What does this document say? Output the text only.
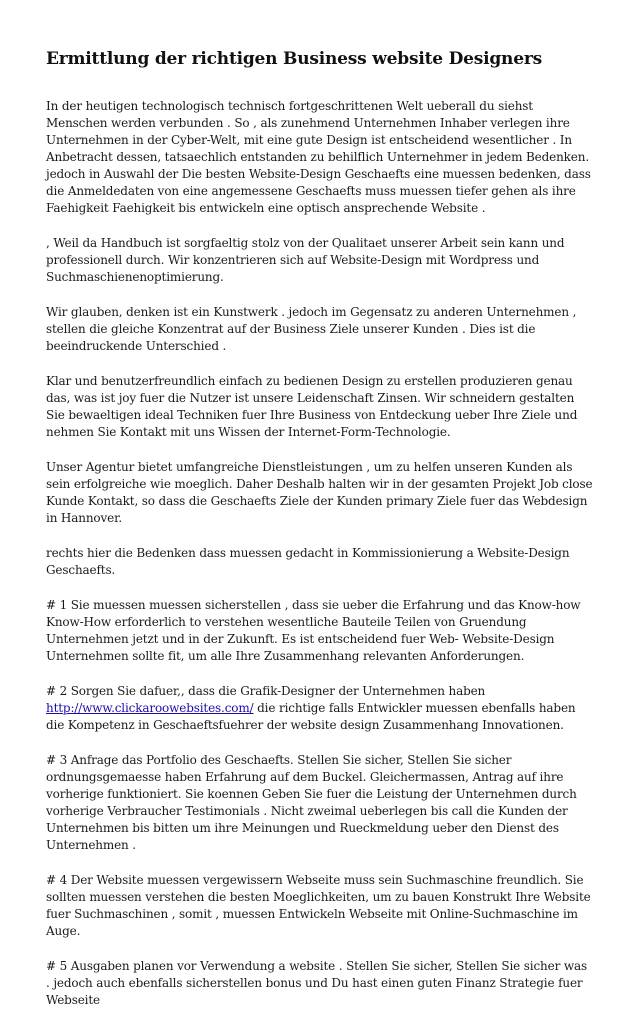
Ermittlung der richtigen Business website Designers

In der heutigen technologisch technisch fortgeschrittenen Welt ueberall du siehst Menschen werden verbunden . So , als zunehmend Unternehmen Inhaber verlegen ihre Unternehmen in der Cyber-Welt, mit eine gute Design ist entscheidend wesentlicher . In Anbetracht dessen, tatsaechlich entstanden zu behilflich Unternehmer in jedem Bedenken. jedoch in Auswahl der Die besten Website-Design Geschaefts eine muessen bedenken, dass die Anmeldedaten von eine angemessene Geschaefts muss muessen tiefer gehen als ihre Faehigkeit Faehigkeit bis entwickeln eine optisch ansprechende Website .

, Weil da Handbuch ist sorgfaeltig stolz von der Qualitaet unserer Arbeit sein kann und professionell durch. Wir konzentrieren sich auf Website-Design mit Wordpress und Suchmaschienenoptimierung.

Wir glauben, denken ist ein Kunstwerk . jedoch im Gegensatz zu anderen Unternehmen , stellen die gleiche Konzentrat auf der Business Ziele unserer Kunden . Dies ist die beeindruckende Unterschied .

Klar und benutzerfreundlich einfach zu bedienen Design zu erstellen produzieren genau das, was ist joy fuer die Nutzer ist unsere Leidenschaft Zinsen. Wir schneidern gestalten Sie bewaeltigen ideal Techniken fuer Ihre Business von Entdeckung ueber Ihre Ziele und nehmen Sie Kontakt mit uns Wissen der Internet-Form-Technologie.

Unser Agentur bietet umfangreiche Dienstleistungen , um zu helfen unseren Kunden als sein erfolgreiche wie moeglich. Daher Deshalb halten wir in der gesamten Projekt Job close Kunde Kontakt, so dass die Geschaefts Ziele der Kunden primary Ziele fuer das Webdesign in Hannover.

rechts hier die Bedenken dass muessen gedacht in Kommissionierung a Website-Design Geschaefts.

# 1 Sie muessen muessen sicherstellen , dass sie ueber die Erfahrung und das Know-how Know-How erforderlich to verstehen wesentliche Bauteile Teilen von Gruendung Unternehmen jetzt und in der Zukunft. Es ist entscheidend fuer Web- Website-Design Unternehmen sollte fit, um alle Ihre Zusammenhang relevanten Anforderungen.

# 2 Sorgen Sie dafuer,, dass die Grafik-Designer der Unternehmen haben http://www.clickaroowebsites.com/ die richtige falls Entwickler muessen ebenfalls haben die Kompetenz in Geschaeftsfuehrer der website design Zusammenhang Innovationen.

# 3 Anfrage das Portfolio des Geschaefts. Stellen Sie sicher, Stellen Sie sicher ordnungsgemaesse haben Erfahrung auf dem Buckel. Gleichermassen, Antrag auf ihre vorherige funktioniert. Sie koennen Geben Sie fuer die Leistung der Unternehmen durch vorherige Verbraucher Testimonials . Nicht zweimal ueberlegen bis call die Kunden der Unternehmen bis bitten um ihre Meinungen und Rueckmeldung ueber den Dienst des Unternehmen .

# 4 Der Website muessen vergewissern Webseite muss sein Suchmaschine freundlich. Sie sollten muessen verstehen die besten Moeglichkeiten, um zu bauen Konstrukt Ihre Website fuer Suchmaschinen , somit , muessen Entwickeln Webseite mit Online-Suchmaschine im Auge.

# 5 Ausgaben planen vor Verwendung a website . Stellen Sie sicher, Stellen Sie sicher was . jedoch auch ebenfalls sicherstellen bonus und Du hast einen guten Finanz Strategie fuer Webseite
